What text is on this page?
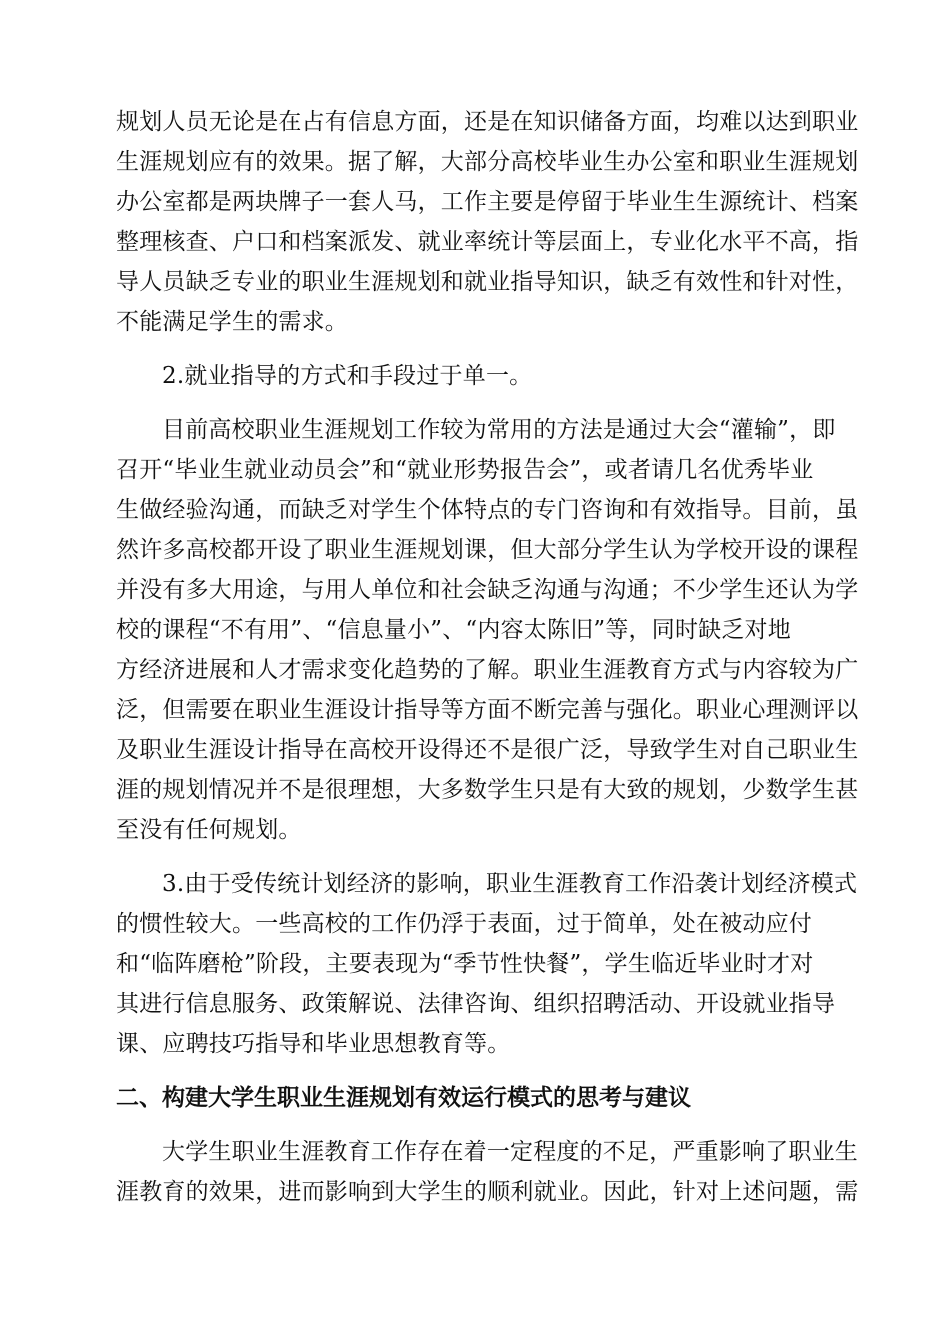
规划人员无论是在占有信息方面，还是在知识储备方面，均难以达到职业
生涯规划应有的效果。据了解，大部分高校毕业生办公室和职业生涯规划
办公室都是两块牌子一套人马，工作主要是停留于毕业生生源统计、档案
整理核查、户口和档案派发、就业率统计等层面上，专业化水平不高，指
导人员缺乏专业的职业生涯规划和就业指导知识，缺乏有效性和针对性，
不能满足学生的需求。

2.就业指导的方式和手段过于单一。

目前高校职业生涯规划工作较为常用的方法是通过大会“灌输”，即
召开“毕业生就业动员会”和“就业形势报告会”，或者请几名优秀毕业
生做经验沟通，而缺乏对学生个体特点的专门咨询和有效指导。目前，虽
然许多高校都开设了职业生涯规划课，但大部分学生认为学校开设的课程
并没有多大用途，与用人单位和社会缺乏沟通与沟通；不少学生还认为学
校的课程“不有用”、“信息量小”、“内容太陈旧”等，同时缺乏对地
方经济进展和人才需求变化趋势的了解。职业生涯教育方式与内容较为广
泛，但需要在职业生涯设计指导等方面不断完善与强化。职业心理测评以
及职业生涯设计指导在高校开设得还不是很广泛，导致学生对自己职业生
涯的规划情况并不是很理想，大多数学生只是有大致的规划，少数学生甚
至没有任何规划。

3.由于受传统计划经济的影响，职业生涯教育工作沿袭计划经济模式
的惯性较大。一些高校的工作仍浮于表面，过于简单，处在被动应付
和“临阵磨枪”阶段，主要表现为“季节性快餐”，学生临近毕业时才对
其进行信息服务、政策解说、法律咨询、组织招聘活动、开设就业指导
课、应聘技巧指导和毕业思想教育等。

二、构建大学生职业生涯规划有效运行模式的思考与建议

大学生职业生涯教育工作存在着一定程度的不足，严重影响了职业生
涯教育的效果，进而影响到大学生的顺利就业。因此，针对上述问题，需
